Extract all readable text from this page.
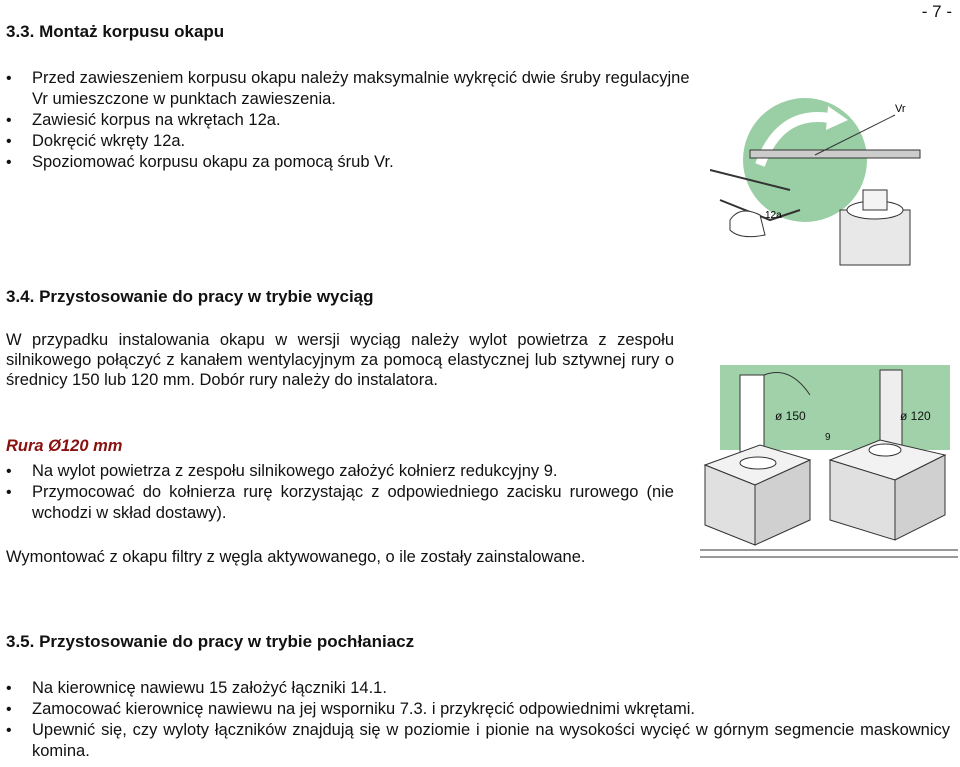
- 7 -
3.3. Montaż korpusu okapu
• Przed zawieszeniem korpusu okapu należy maksymalnie wykręcić dwie śruby regulacyjne Vr umieszczone w punktach zawieszenia.
• Zawiesić korpus na wkrętach 12a.
• Dokręcić wkręty 12a.
• Spoziomować korpusu okapu za pomocą śrub Vr.
Vr
12a
3.4. Przystosowanie do pracy w trybie wyciąg
W przypadku instalowania okapu w wersji wyciąg należy wylot powietrza z zespołu silnikowego połączyć z kanałem wentylacyjnym za pomocą elastycznej lub sztywnej rury o średnicy 150 lub 120 mm. Dobór rury należy do instalatora.
Rura Ø120 mm
• Na wylot powietrza z zespołu silnikowego założyć kołnierz redukcyjny 9.
• Przymocować do kołnierza rurę korzystając z odpowiedniego zacisku rurowego (nie wchodzi w skład dostawy).
Wymontować z okapu filtry z węgla aktywowanego, o ile zostały zainstalowane.
ø 150	ø 120
9
3.5. Przystosowanie do pracy w trybie pochłaniacz
• Na kierownicę nawiewu 15 założyć łączniki 14.1.
• Zamocować kierownicę nawiewu na jej wsporniku 7.3. i przykręcić odpowiednimi wkrętami.
• Upewnić się, czy wyloty łączników znajdują się w poziomie i pionie na wysokości wycięć w górnym segmencie maskownicy komina.
